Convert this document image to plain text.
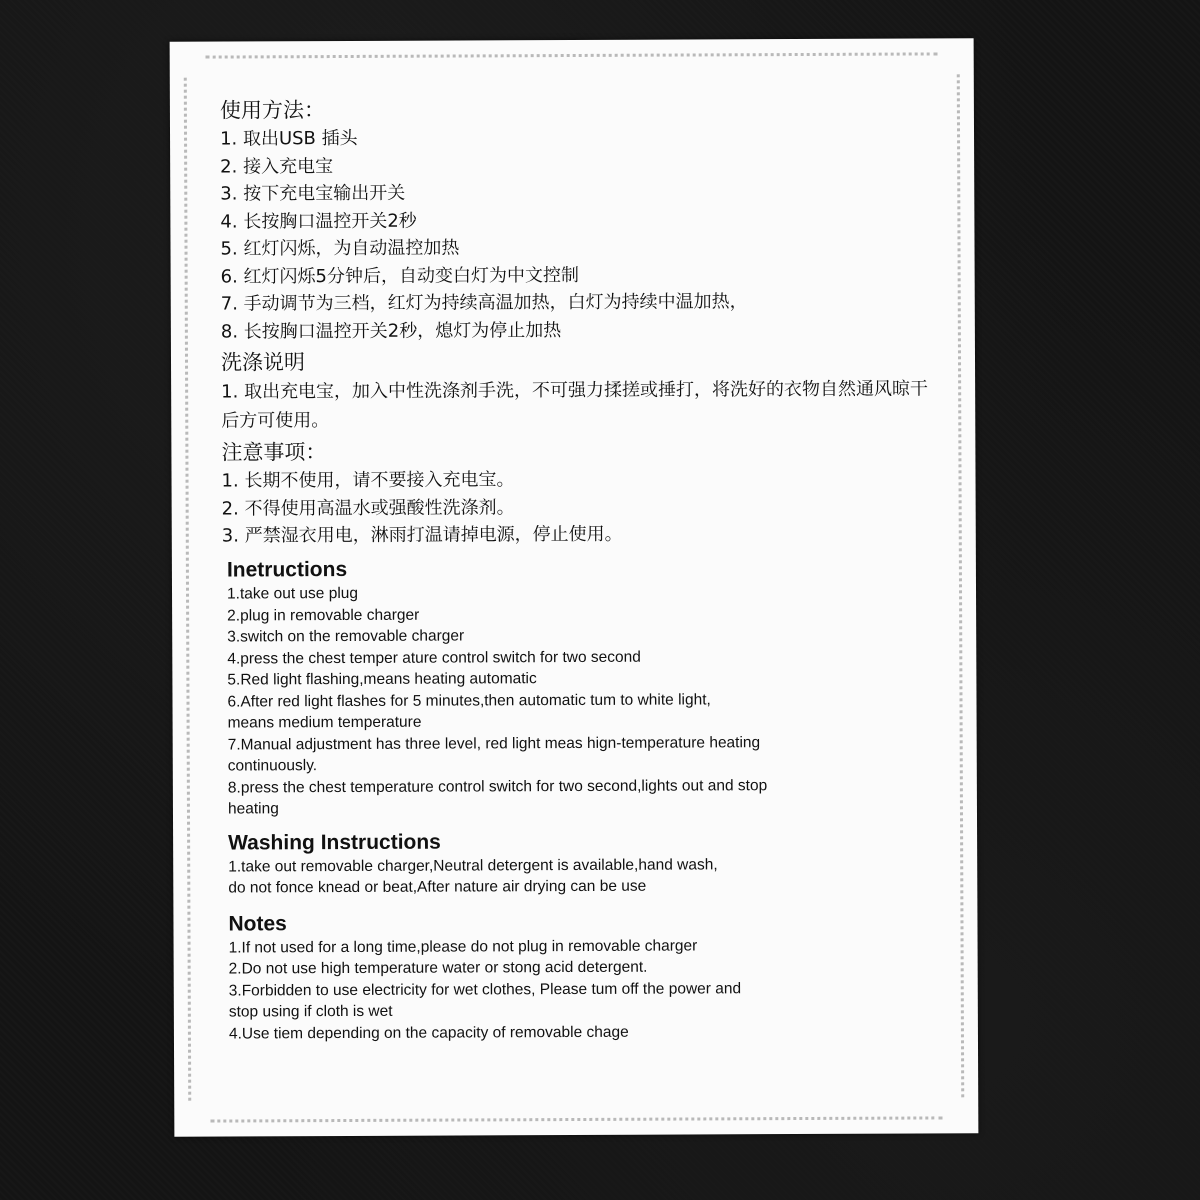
使用方法：
1. 取出USB 插头
2. 接入充电宝
3. 按下充电宝输出开关
4. 长按胸口温控开关2秒
5. 红灯闪烁，为自动温控加热
6. 红灯闪烁5分钟后，自动变白灯为中文控制
7. 手动调节为三档，红灯为持续高温加热，白灯为持续中温加热，
8. 长按胸口温控开关2秒，熄灯为停止加热
洗涤说明
1. 取出充电宝，加入中性洗涤剂手洗，不可强力揉搓或捶打，将洗好的衣物自然通风晾干后方可使用。
注意事项：
1. 长期不使用，请不要接入充电宝。
2. 不得使用高温水或强酸性洗涤剂。
3. 严禁湿衣用电，淋雨打温请掉电源，停止使用。
Inetructions
1.take out use plug
2.plug in removable charger
3.switch on the removable charger
4.press the chest temper ature control switch for two second
5.Red light flashing,means heating automatic
6.After red light flashes for 5 minutes,then automatic tum to white light,
means medium temperature
7.Manual adjustment has three level, red light meas hign-temperature heating
continuously.
8.press the chest temperature control switch for two second,lights out and stop
heating
Washing Instructions
1.take out removable charger,Neutral detergent is available,hand wash,
do not fonce knead or beat,After nature air drying can be use
Notes
1.If not used for a long time,please do not plug in removable charger
2.Do not use high temperature water or stong acid detergent.
3.Forbidden to use electricity for wet clothes, Please tum off the power and
stop using if cloth is wet
4.Use tiem depending on the capacity of removable chage
